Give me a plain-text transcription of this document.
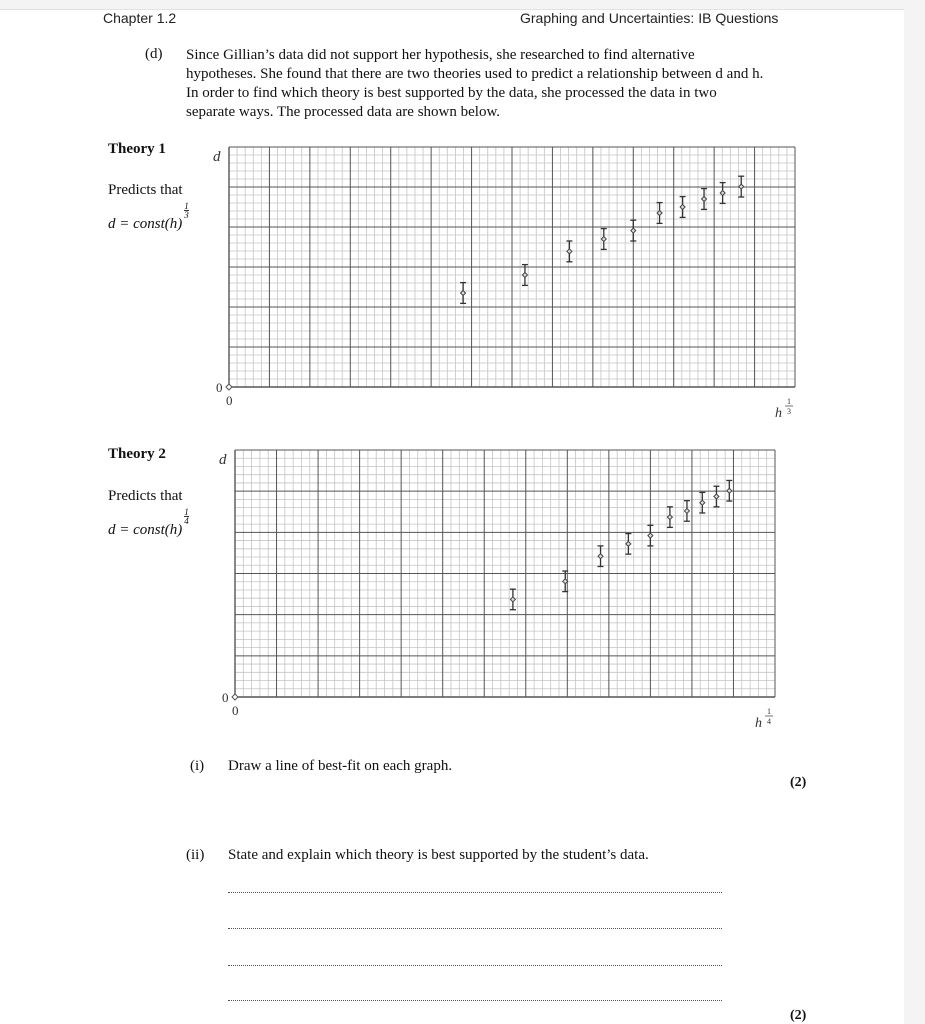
Chapter 1.2	Graphing and Uncertainties: IB Questions
(d) Since Gillian’s data did not support her hypothesis, she researched to find alternative hypotheses. She found that there are two theories used to predict a relationship between d and h. In order to find which theory is best supported by the data, she processed the data in two separate ways. The processed data are shown below.
Theory 1
Predicts that
d = const(h)
$\frac{1}{3}$
Theory 2
Predicts that
d = const(h)
$\frac{1}{4}$
d
0
0
h
1
3
d
0
0
h
1
4
(i) Draw a line of best-fit on each graph.
(2)
(ii) State and explain which theory is best supported by the student’s data.
(2)
